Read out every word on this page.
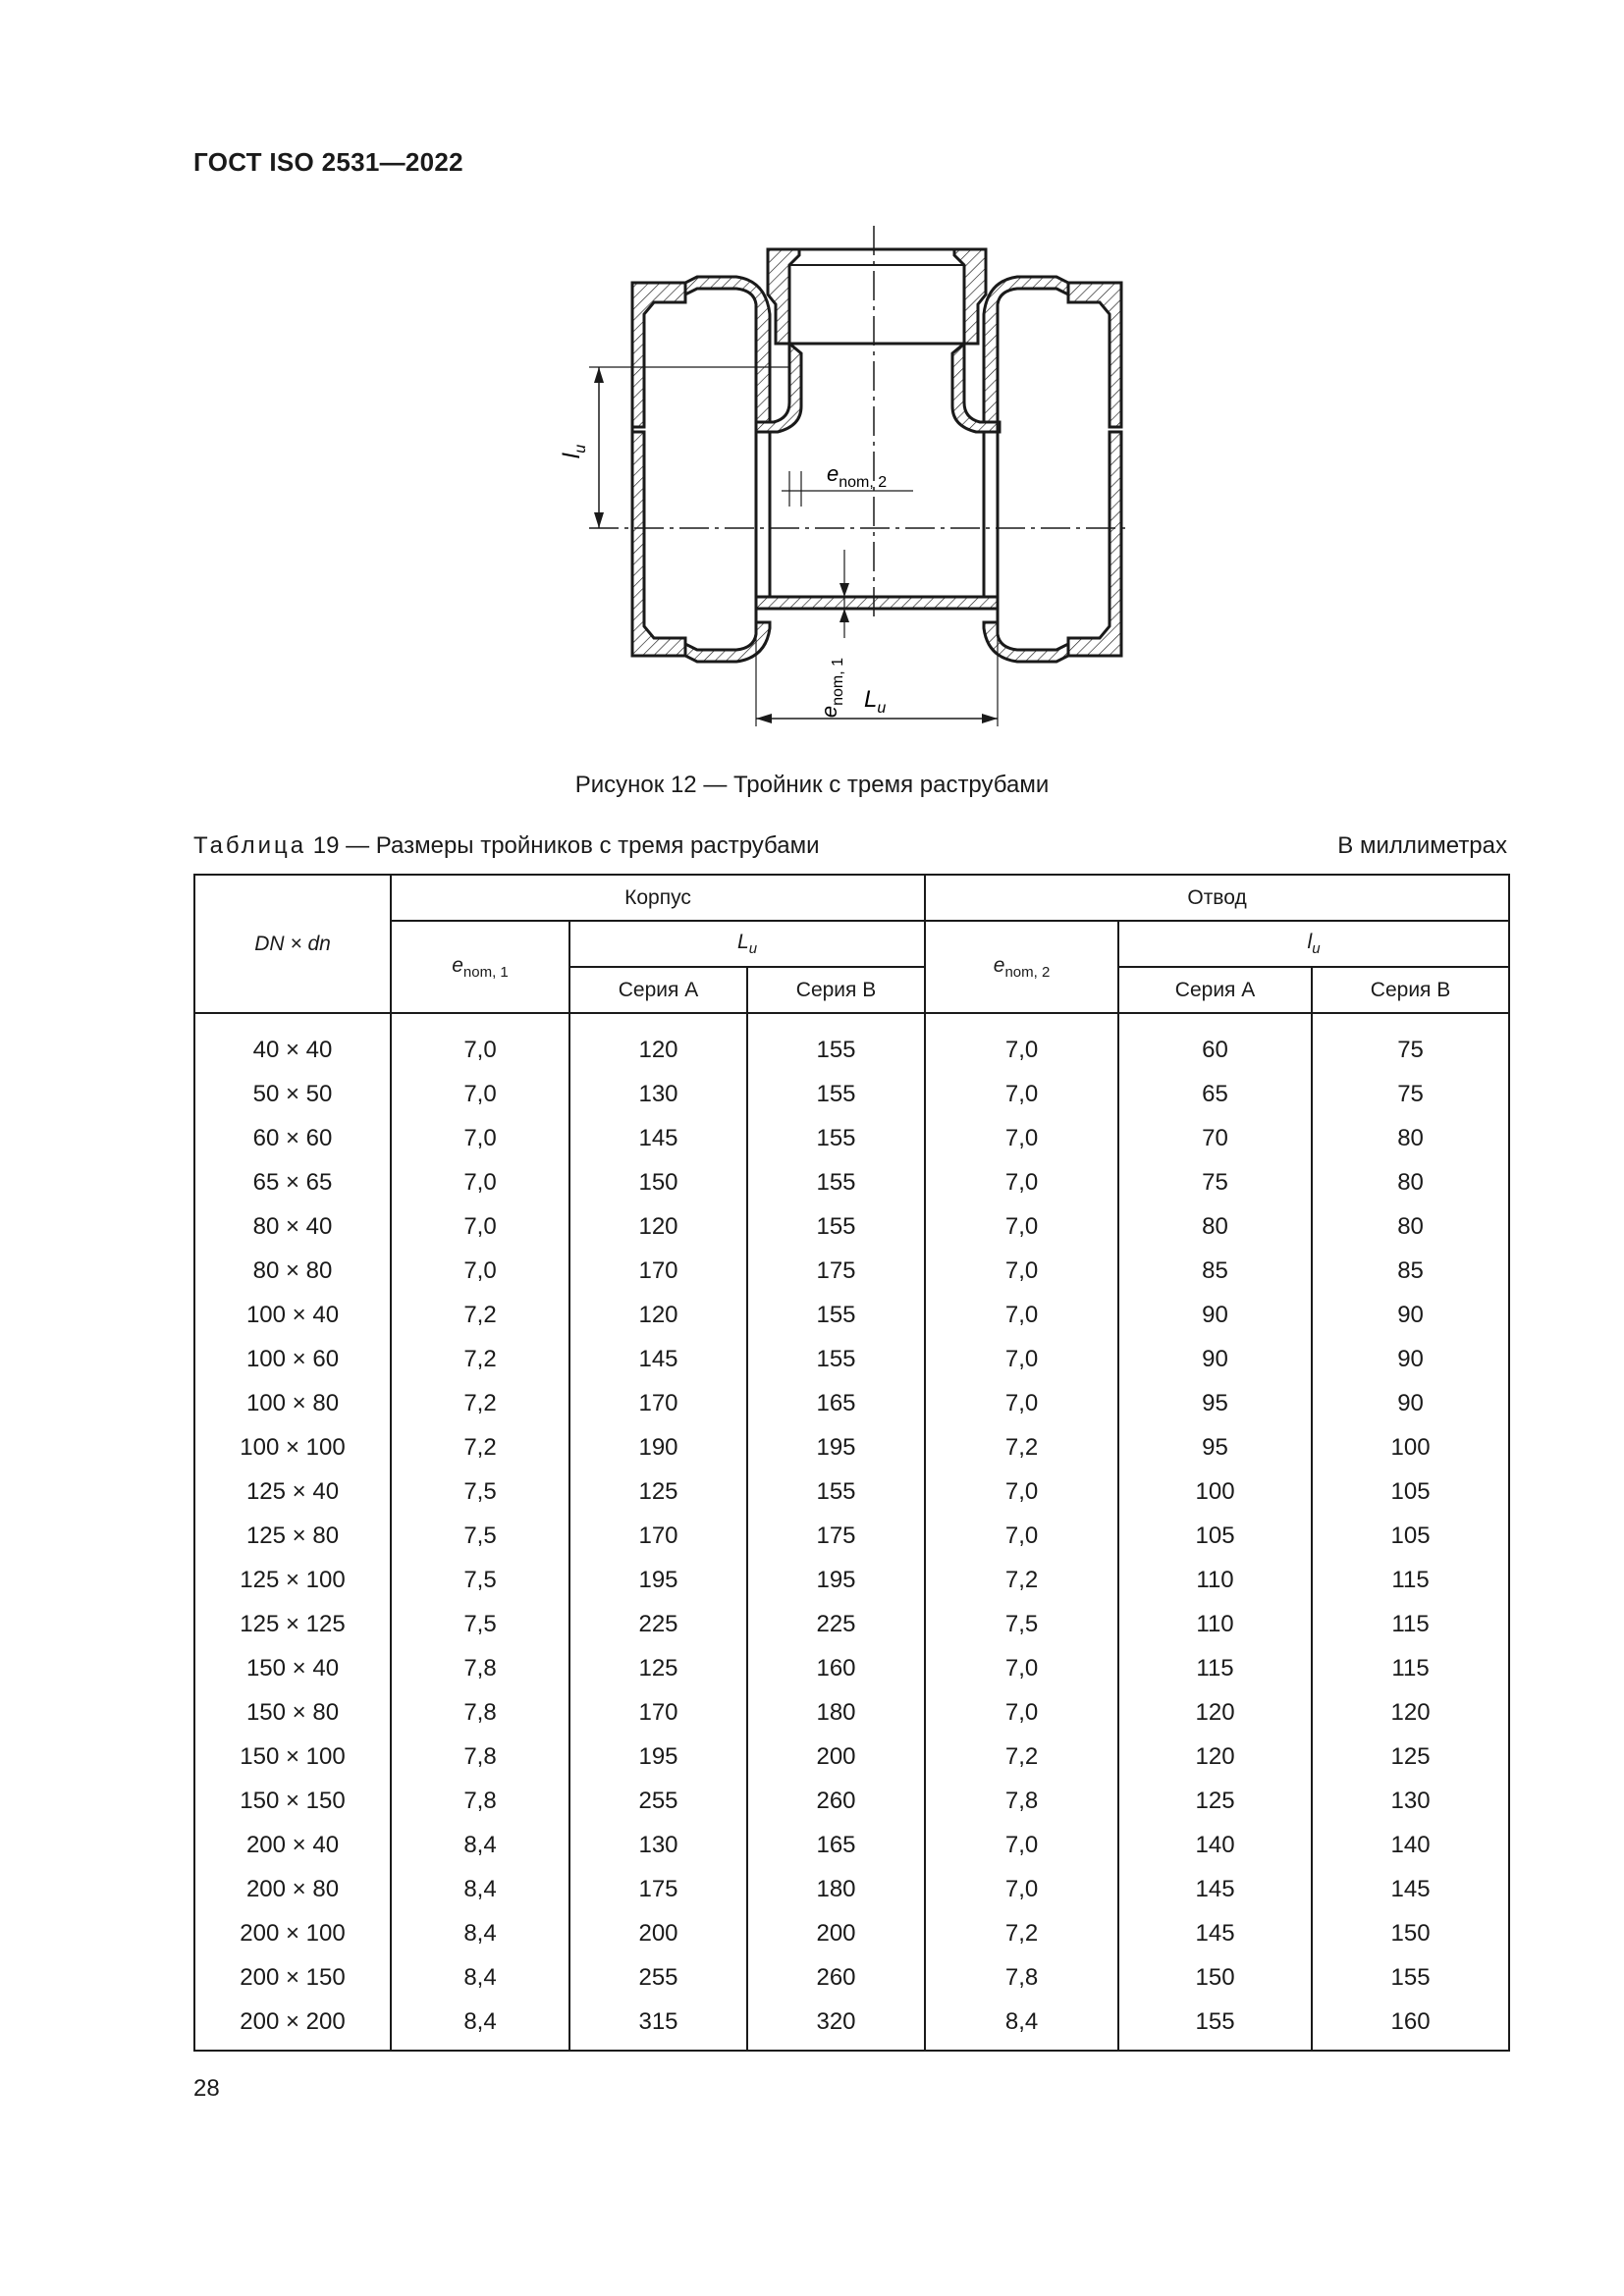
ГОСТ ISO 2531—2022
$l_u$
$e_{nom, 2}$
$e_{nom, 1}$ $L_u$
Рисунок 12 — Тройник с тремя раструбами
Таблица 19 — Размеры тройников с тремя раструбами	В миллиметрах
DN × dn	Корпус			Отвод		
	$e_{nom, 1}$	$L_u$		$e_{nom, 2}$	$l_u$
		Серия А	Серия В		Серия А	Серия В
40 × 40	7,0	120	155	7,0	60	75
50 × 50	7,0	130	155	7,0	65	75
60 × 60	7,0	145	155	7,0	70	80
65 × 65	7,0	150	155	7,0	75	80
80 × 40	7,0	120	155	7,0	80	80
80 × 80	7,0	170	175	7,0	85	85
100 × 40	7,2	120	155	7,0	90	90
100 × 60	7,2	145	155	7,0	90	90
100 × 80	7,2	170	165	7,0	95	90
100 × 100	7,2	190	195	7,2	95	100
125 × 40	7,5	125	155	7,0	100	105
125 × 80	7,5	170	175	7,0	105	105
125 × 100	7,5	195	195	7,2	110	115
125 × 125	7,5	225	225	7,5	110	115
150 × 40	7,8	125	160	7,0	115	115
150 × 80	7,8	170	180	7,0	120	120
150 × 100	7,8	195	200	7,2	120	125
150 × 150	7,8	255	260	7,8	125	130
200 × 40	8,4	130	165	7,0	140	140
200 × 80	8,4	175	180	7,0	145	145
200 × 100	8,4	200	200	7,2	145	150
200 × 150	8,4	255	260	7,8	150	155
200 × 200	8,4	315	320	8,4	155	160
28
